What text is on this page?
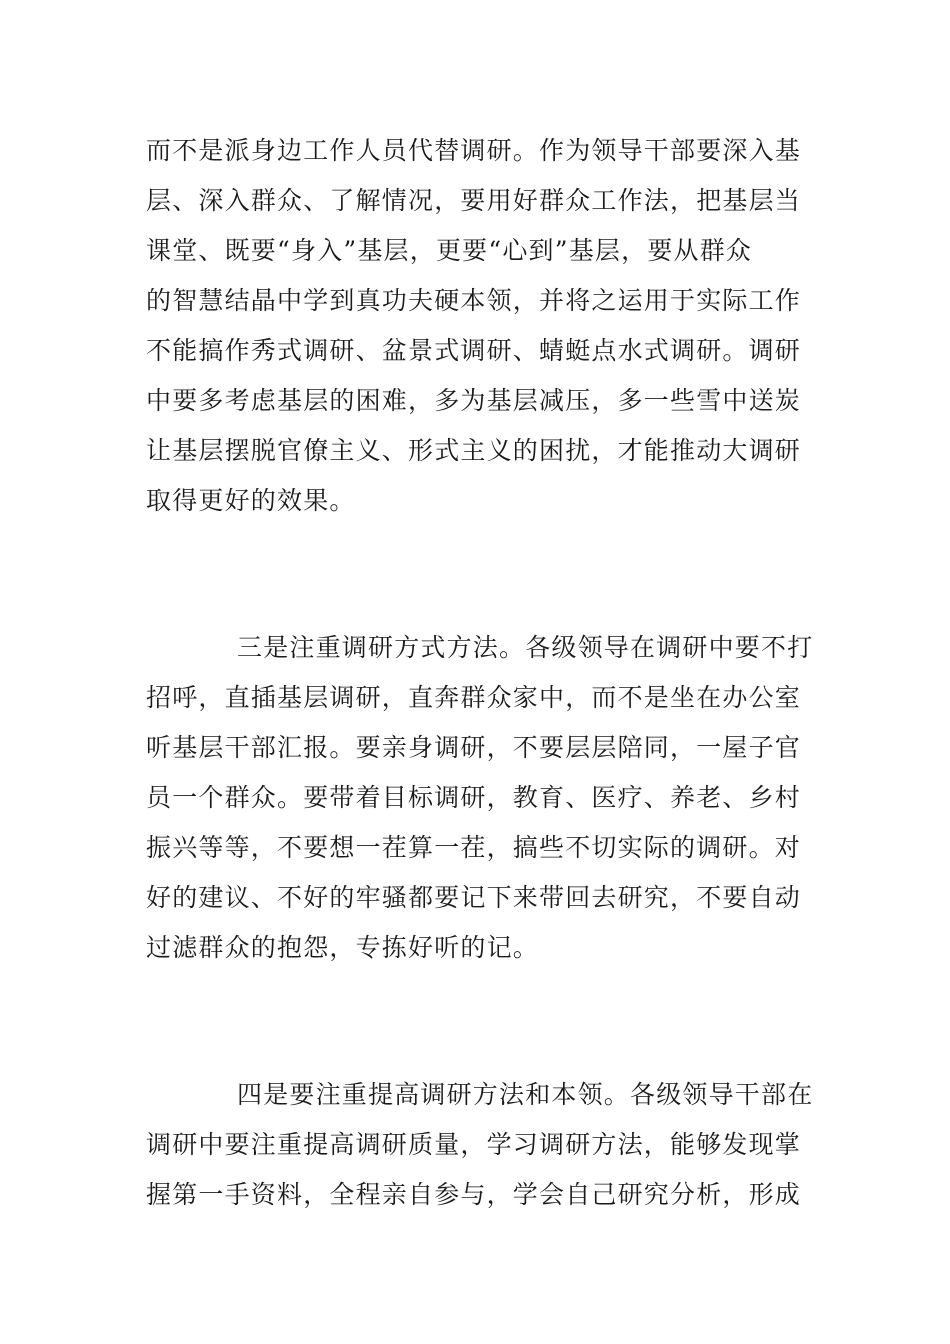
而不是派身边工作人员代替调研。作为领导干部要深入基
层、深入群众、了解情况，要用好群众工作法，把基层当
课堂、既要“身入”基层，更要“心到”基层，要从群众
的智慧结晶中学到真功夫硬本领，并将之运用于实际工作
不能搞作秀式调研、盆景式调研、蜻蜓点水式调研。调研
中要多考虑基层的困难，多为基层减压，多一些雪中送炭
让基层摆脱官僚主义、形式主义的困扰，才能推动大调研
取得更好的效果。
三是注重调研方式方法。各级领导在调研中要不打
招呼，直插基层调研，直奔群众家中，而不是坐在办公室
听基层干部汇报。要亲身调研，不要层层陪同，一屋子官
员一个群众。要带着目标调研，教育、医疗、养老、乡村
振兴等等，不要想一茬算一茬，搞些不切实际的调研。对
好的建议、不好的牢骚都要记下来带回去研究，不要自动
过滤群众的抱怨，专拣好听的记。
四是要注重提高调研方法和本领。各级领导干部在
调研中要注重提高调研质量，学习调研方法，能够发现掌
握第一手资料，全程亲自参与，学会自己研究分析，形成
